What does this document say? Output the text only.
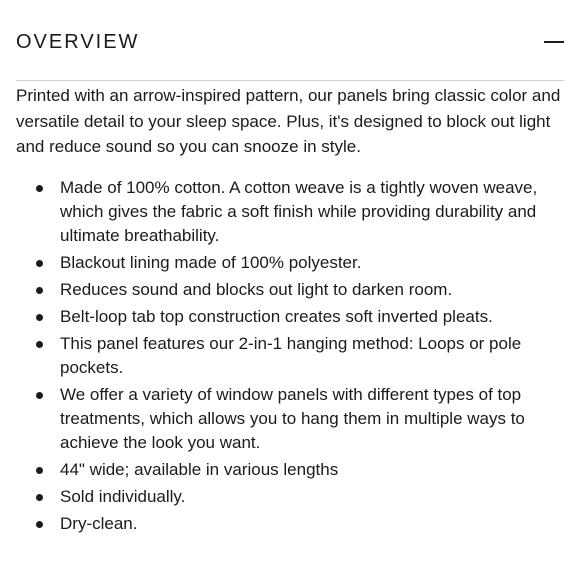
OVERVIEW

Printed with an arrow-inspired pattern, our panels bring classic color and versatile detail to your sleep space. Plus, it's designed to block out light and reduce sound so you can snooze in style.

Made of 100% cotton. A cotton weave is a tightly woven weave, which gives the fabric a soft finish while providing durability and ultimate breathability.
Blackout lining made of 100% polyester.
Reduces sound and blocks out light to darken room.
Belt-loop tab top construction creates soft inverted pleats.
This panel features our 2-in-1 hanging method: Loops or pole pockets.
We offer a variety of window panels with different types of top treatments, which allows you to hang them in multiple ways to achieve the look you want.
44" wide; available in various lengths
Sold individually.
Dry-clean.
